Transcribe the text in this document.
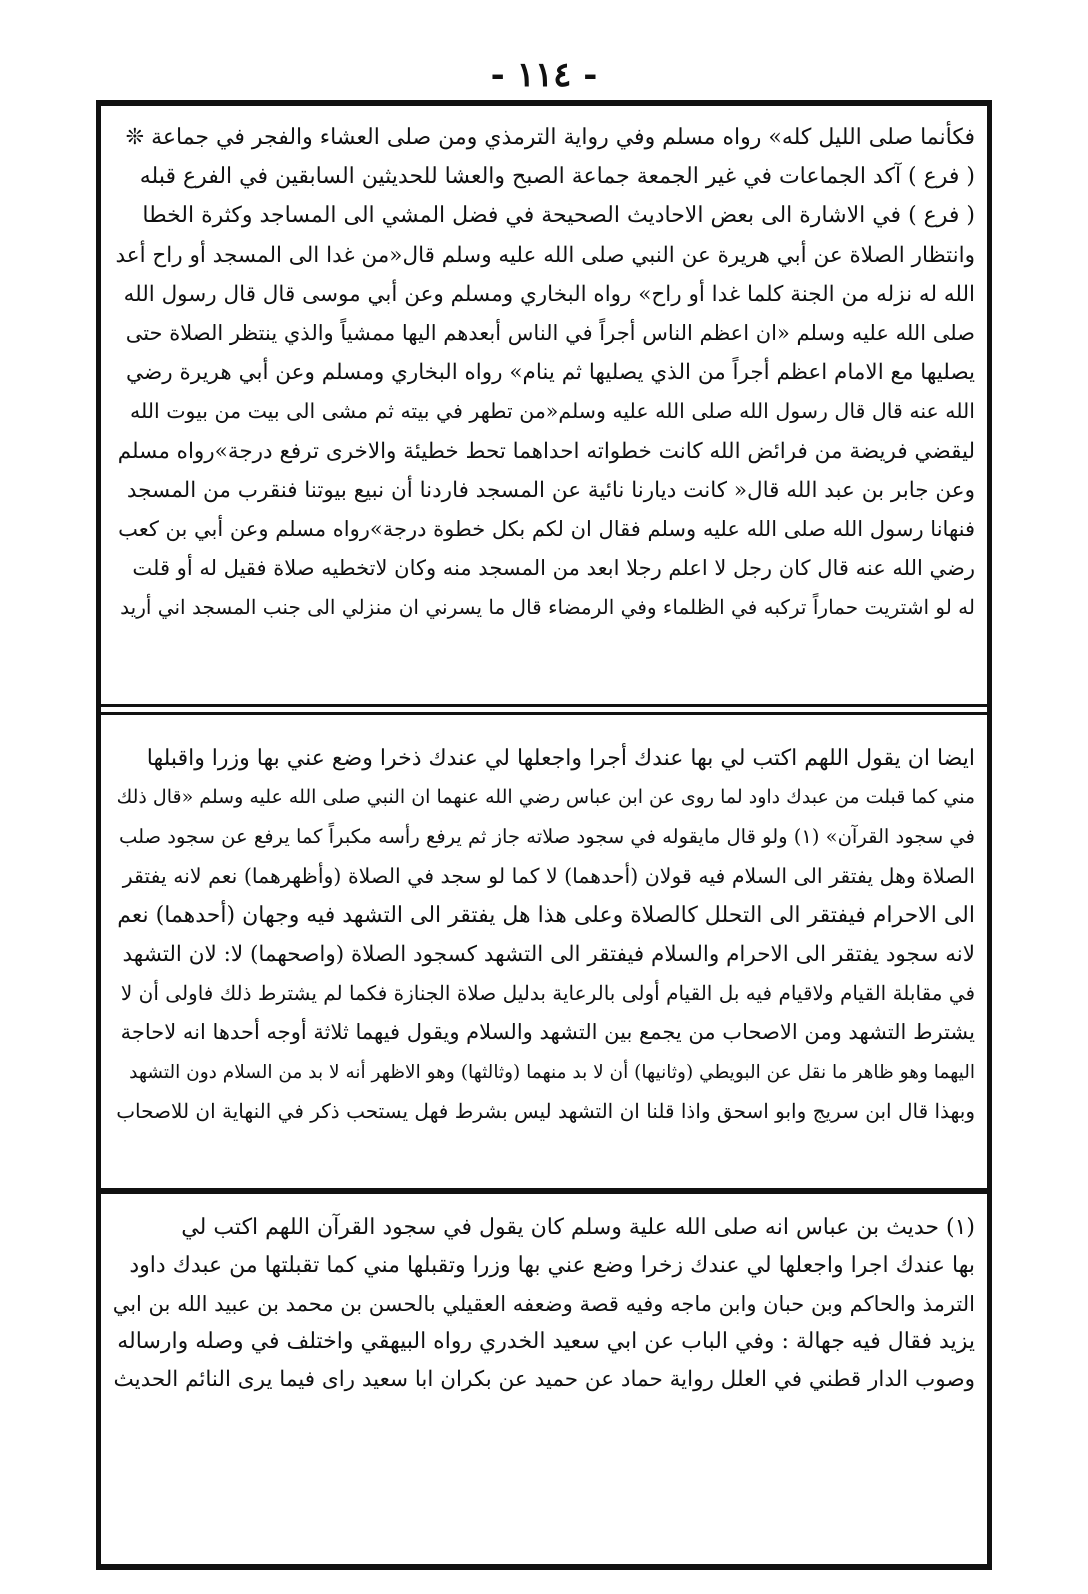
- ١١٤ -

فكأنما صلى الليل كله» رواه مسلم وفي رواية الترمذي ومن صلى العشاء والفجر في جماعة ❊

( فرع ) آكد الجماعات في غير الجمعة جماعة الصبح والعشا للحديثين السابقين في الفرع قبله

( فرع ) في الاشارة الى بعض الاحاديث الصحيحة في فضل المشي الى المساجد وكثرة الخطا

وانتظار الصلاة عن أبي هريرة عن النبي صلى الله عليه وسلم قال«من غدا الى المسجد أو راح أعد

الله له نزله من الجنة كلما غدا أو راح» رواه البخاري ومسلم وعن أبي موسى قال قال رسول الله

صلى الله عليه وسلم «ان اعظم الناس أجراً في الناس أبعدهم اليها ممشياً والذي ينتظر الصلاة حتى

يصليها مع الامام اعظم أجراً من الذي يصليها ثم ينام» رواه البخاري ومسلم وعن أبي هريرة رضي

الله عنه قال قال رسول الله صلى الله عليه وسلم«من تطهر في بيته ثم مشى الى بيت من بيوت الله

ليقضي فريضة من فرائض الله كانت خطواته احداهما تحط خطيئة والاخرى ترفع درجة»رواه مسلم

وعن جابر بن عبد الله قال« كانت ديارنا نائية عن المسجد فاردنا أن نبيع بيوتنا فنقرب من المسجد

فنهانا رسول الله صلى الله عليه وسلم فقال ان لكم بكل خطوة درجة»رواه مسلم وعن أبي بن كعب

رضي الله عنه قال كان رجل لا اعلم رجلا ابعد من المسجد منه وكان لاتخطيه صلاة فقيل له أو قلت

له لو اشتريت حماراً تركبه في الظلماء وفي الرمضاء قال ما يسرني ان منزلي الى جنب المسجد اني أريد

ايضا ان يقول اللهم اكتب لي بها عندك أجرا واجعلها لي عندك ذخرا وضع عني بها وزرا واقبلها

مني كما قبلت من عبدك داود لما روى عن ابن عباس رضي الله عنهما ان النبي صلى الله عليه وسلم «قال ذلك

في سجود القرآن» (١) ولو قال مايقوله في سجود صلاته جاز ثم يرفع رأسه مكبراً كما يرفع عن سجود صلب

الصلاة وهل يفتقر الى السلام فيه قولان (أحدهما) لا كما لو سجد في الصلاة (وأظهرهما) نعم لانه يفتقر

الى الاحرام فيفتقر الى التحلل كالصلاة وعلى هذا هل يفتقر الى التشهد فيه وجهان (أحدهما) نعم

لانه سجود يفتقر الى الاحرام والسلام فيفتقر الى التشهد كسجود الصلاة (واصحهما) لا: لان التشهد

في مقابلة القيام ولاقيام فيه بل القيام أولى بالرعاية بدليل صلاة الجنازة فكما لم يشترط ذلك فاولى أن لا

يشترط التشهد ومن الاصحاب من يجمع بين التشهد والسلام ويقول فيهما ثلاثة أوجه أحدها انه لاحاجة

اليهما وهو ظاهر ما نقل عن البويطي (وثانيها) أن لا بد منهما (وثالثها) وهو الاظهر أنه لا بد من السلام دون التشهد

وبهذا قال ابن سريج وابو اسحق واذا قلنا ان التشهد ليس بشرط فهل يستحب ذكر في النهاية ان للاصحاب

(١) حديث بن عباس انه صلى الله علية وسلم كان يقول في سجود القرآن اللهم اكتب لي

بها عندك اجرا واجعلها لي عندك زخرا وضع عني بها وزرا وتقبلها مني كما تقبلتها من عبدك داود

الترمذ والحاكم وبن حبان وابن ماجه وفيه قصة وضعفه العقيلي بالحسن بن محمد بن عبيد الله بن ابي

يزيد فقال فيه جهالة : وفي الباب عن ابي سعيد الخدري رواه البيهقي واختلف في وصله وارساله

وصوب الدار قطني في العلل رواية حماد عن حميد عن بكران ابا سعيد راى فيما يرى النائم الحديث
